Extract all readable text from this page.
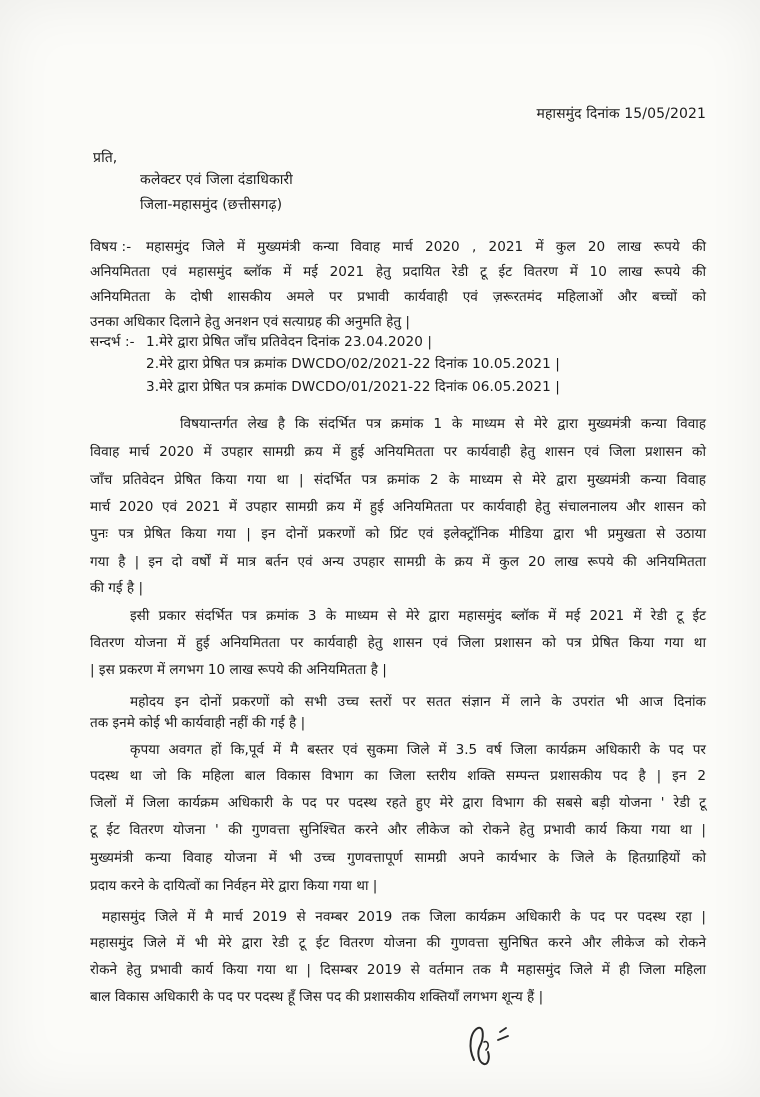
महासमुंद दिनांक 15/05/2021
प्रति,
कलेक्टर एवं जिला दंडाधिकारी
जिला-महासमुंद (छत्तीसगढ़)
विषय :- महासमुंद जिले में मुख्यमंत्री कन्या विवाह मार्च 2020 , 2021 में कुल 20 लाख रूपये की
अनियमितता एवं महासमुंद ब्लॉक में मई 2021 हेतु प्रदायित रेडी टू ईट वितरण में 10 लाख रूपये की
अनियमितता के दोषी शासकीय अमले पर प्रभावी कार्यवाही एवं ज़रूरतमंद महिलाओं और बच्चों को
उनका अधिकार दिलाने हेतु अनशन एवं सत्याग्रह की अनुमति हेतु |
सन्दर्भ :- 1.मेरे द्वारा प्रेषित जाँच प्रतिवेदन दिनांक 23.04.2020 |
2.मेरे द्वारा प्रेषित पत्र क्रमांक DWCDO/02/2021-22 दिनांक 10.05.2021 |
3.मेरे द्वारा प्रेषित पत्र क्रमांक DWCDO/01/2021-22 दिनांक 06.05.2021 |
विषयान्तर्गत लेख है कि संदर्भित पत्र क्रमांक 1 के माध्यम से मेरे द्वारा मुख्यमंत्री कन्या विवाह
विवाह मार्च 2020 में उपहार सामग्री क्रय में हुई अनियमितता पर कार्यवाही हेतु शासन एवं जिला प्रशासन को
जाँच प्रतिवेदन प्रेषित किया गया था | संदर्भित पत्र क्रमांक 2 के माध्यम से मेरे द्वारा मुख्यमंत्री कन्या विवाह
मार्च 2020 एवं 2021 में उपहार सामग्री क्रय में हुई अनियमितता पर कार्यवाही हेतु संचालनालय और शासन को
पुनः पत्र प्रेषित किया गया | इन दोनों प्रकरणों को प्रिंट एवं इलेक्ट्रॉनिक मीडिया द्वारा भी प्रमुखता से उठाया
गया है | इन दो वर्षों में मात्र बर्तन एवं अन्य उपहार सामग्री के क्रय में कुल 20 लाख रूपये की अनियमितता
की गई है |
इसी प्रकार संदर्भित पत्र क्रमांक 3 के माध्यम से मेरे द्वारा महासमुंद ब्लॉक में मई 2021 में रेडी टू ईट
वितरण योजना में हुई अनियमितता पर कार्यवाही हेतु शासन एवं जिला प्रशासन को पत्र प्रेषित किया गया था
| इस प्रकरण में लगभग 10 लाख रूपये की अनियमितता है |
महोदय इन दोनों प्रकरणों को सभी उच्च स्तरों पर सतत संज्ञान में लाने के उपरांत भी आज दिनांक
तक इनमे कोई भी कार्यवाही नहीं की गई है |
कृपया अवगत हों कि,पूर्व में मै बस्तर एवं सुकमा जिले में 3.5 वर्ष जिला कार्यक्रम अधिकारी के पद पर
पदस्थ था जो कि महिला बाल विकास विभाग का जिला स्तरीय शक्ति सम्पन्त प्रशासकीय पद है | इन 2
जिलों में जिला कार्यक्रम अधिकारी के पद पर पदस्थ रहते हुए मेरे द्वारा विभाग की सबसे बड़ी योजना ' रेडी टू
टू ईट वितरण योजना ' की गुणवत्ता सुनिश्चित करने और लीकेज को रोकने हेतु प्रभावी कार्य किया गया था |
मुख्यमंत्री कन्या विवाह योजना में भी उच्च गुणवत्तापूर्ण सामग्री अपने कार्यभार के जिले के हितग्राहियों को
प्रदाय करने के दायित्वों का निर्वहन मेरे द्वारा किया गया था |
महासमुंद जिले में मै मार्च 2019 से नवम्बर 2019 तक जिला कार्यक्रम अधिकारी के पद पर पदस्थ रहा |
महासमुंद जिले में भी मेरे द्वारा रेडी टू ईट वितरण योजना की गुणवत्ता सुनिषित करने और लीकेज को रोकने
रोकने हेतु प्रभावी कार्य किया गया था | दिसम्बर 2019 से वर्तमान तक मै महासमुंद जिले में ही जिला महिला
बाल विकास अधिकारी के पद पर पदस्थ हूँ जिस पद की प्रशासकीय शक्तियाँ लगभग शून्य हैं |
